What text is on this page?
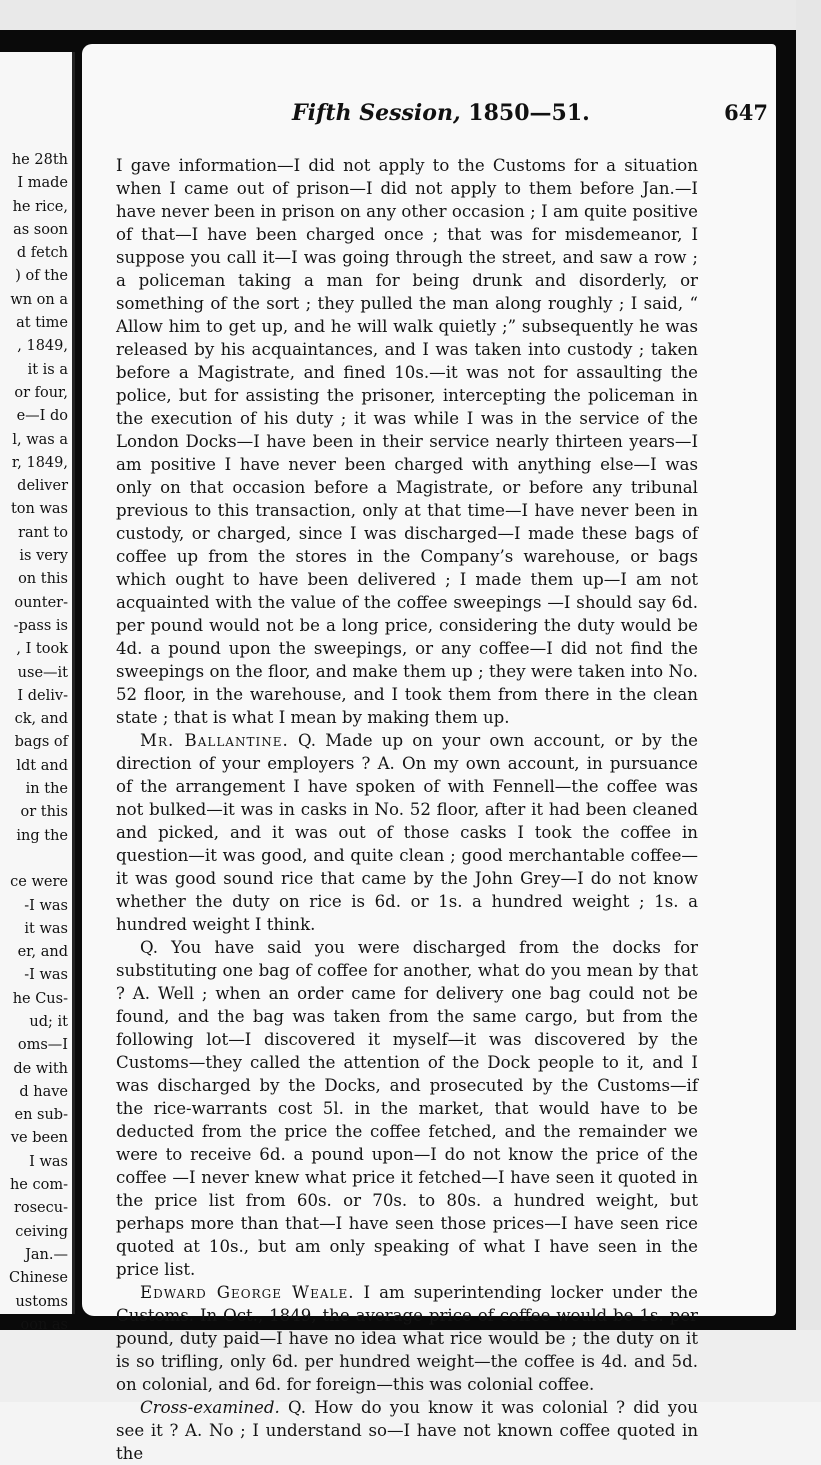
he 28th
I made
he rice,
as soon
d fetch
) of the
wn on a
at time
, 1849,
it is a
or four,
e—I do
l, was a
r, 1849,
deliver
ton was
rant to
is very
on this
ounter-
-pass is
, I took
use—it
I deliv-
ck, and
bags of
ldt and
in the
or this
ing the
ce were
-I was
it was
er, and
-I was
he Cus-
ud; it
oms—I
de with
d have
en sub-
ve been
I was
he com-
rosecu-
ceiving
Jan.—
Chinese
ustoms
oon as
Fifth Session, 1850—51.	647

I gave information—I did not apply to the Customs for a situation when I came out of prison—I did not apply to them before Jan.—I have never been in prison on any other occasion ; I am quite positive of that—I have been charged once ; that was for misdemeanor, I suppose you call it—I was going through the street, and saw a row ; a policeman taking a man for being drunk and disorderly, or something of the sort ; they pulled the man along roughly ; I said, “ Allow him to get up, and he will walk quietly ;” subsequently he was released by his acquaintances, and I was taken into custody ; taken before a Magistrate, and fined 10s.—it was not for assaulting the police, but for assisting the prisoner, intercepting the policeman in the execution of his duty ; it was while I was in the service of the London Docks—I have been in their service nearly thirteen years—I am positive I have never been charged with anything else—I was only on that occasion before a Magistrate, or before any tribunal previous to this transaction, only at that time—I have never been in custody, or charged, since I was discharged—I made these bags of coffee up from the stores in the Company’s warehouse, or bags which ought to have been delivered ; I made them up—I am not acquainted with the value of the coffee sweepings —I should say 6d. per pound would not be a long price, considering the duty would be 4d. a pound upon the sweepings, or any coffee—I did not find the sweepings on the floor, and make them up ; they were taken into No. 52 floor, in the warehouse, and I took them from there in the clean state ; that is what I mean by making them up.

Mr. Ballantine. Q. Made up on your own account, or by the direction of your employers ? A. On my own account, in pursuance of the arrangement I have spoken of with Fennell—the coffee was not bulked—it was in casks in No. 52 floor, after it had been cleaned and picked, and it was out of those casks I took the coffee in question—it was good, and quite clean ; good merchantable coffee—it was good sound rice that came by the John Grey—I do not know whether the duty on rice is 6d. or 1s. a hundred weight ; 1s. a hundred weight I think.

Q. You have said you were discharged from the docks for substituting one bag of coffee for another, what do you mean by that ? A. Well ; when an order came for delivery one bag could not be found, and the bag was taken from the same cargo, but from the following lot—I discovered it myself—it was discovered by the Customs—they called the attention of the Dock people to it, and I was discharged by the Docks, and prosecuted by the Customs—if the rice-warrants cost 5l. in the market, that would have to be deducted from the price the coffee fetched, and the remainder we were to receive 6d. a pound upon—I do not know the price of the coffee —I never knew what price it fetched—I have seen it quoted in the price list from 60s. or 70s. to 80s. a hundred weight, but perhaps more than that—I have seen those prices—I have seen rice quoted at 10s., but am only speaking of what I have seen in the price list.

Edward George Weale. I am superintending locker under the Customs. In Oct., 1849, the average price of coffee would be 1s. per pound, duty paid—I have no idea what rice would be ; the duty on it is so trifling, only 6d. per hundred weight—the coffee is 4d. and 5d. on colonial, and 6d. for foreign—this was colonial coffee.

Cross-examined. Q. How do you know it was colonial ? did you see it ? A. No ; I understand so—I have not known coffee quoted in the
